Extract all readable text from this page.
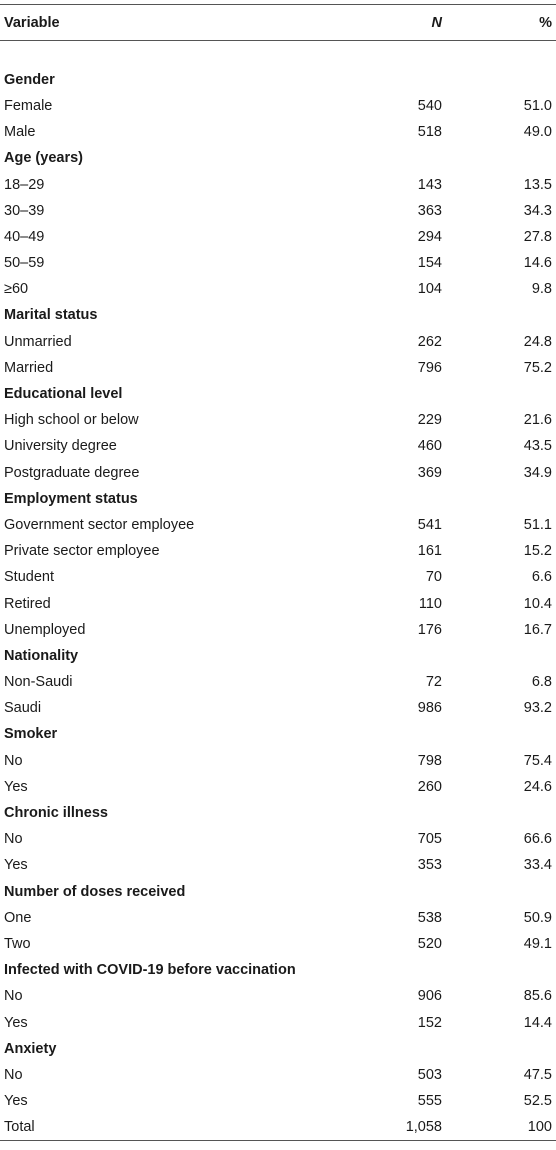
Variable	N	%

Gender		
Female	540	51.0
Male	518	49.0
Age (years)		
18–29	143	13.5
30–39	363	34.3
40–49	294	27.8
50–59	154	14.6
≥60	104	9.8
Marital status		
Unmarried	262	24.8
Married	796	75.2
Educational level		
High school or below	229	21.6
University degree	460	43.5
Postgraduate degree	369	34.9
Employment status		
Government sector employee	541	51.1
Private sector employee	161	15.2
Student	70	6.6
Retired	110	10.4
Unemployed	176	16.7
Nationality		
Non-Saudi	72	6.8
Saudi	986	93.2
Smoker		
No	798	75.4
Yes	260	24.6
Chronic illness		
No	705	66.6
Yes	353	33.4
Number of doses received		
One	538	50.9
Two	520	49.1
Infected with COVID-19 before vaccination		
No	906	85.6
Yes	152	14.4
Anxiety		
No	503	47.5
Yes	555	52.5
Total	1,058	100
